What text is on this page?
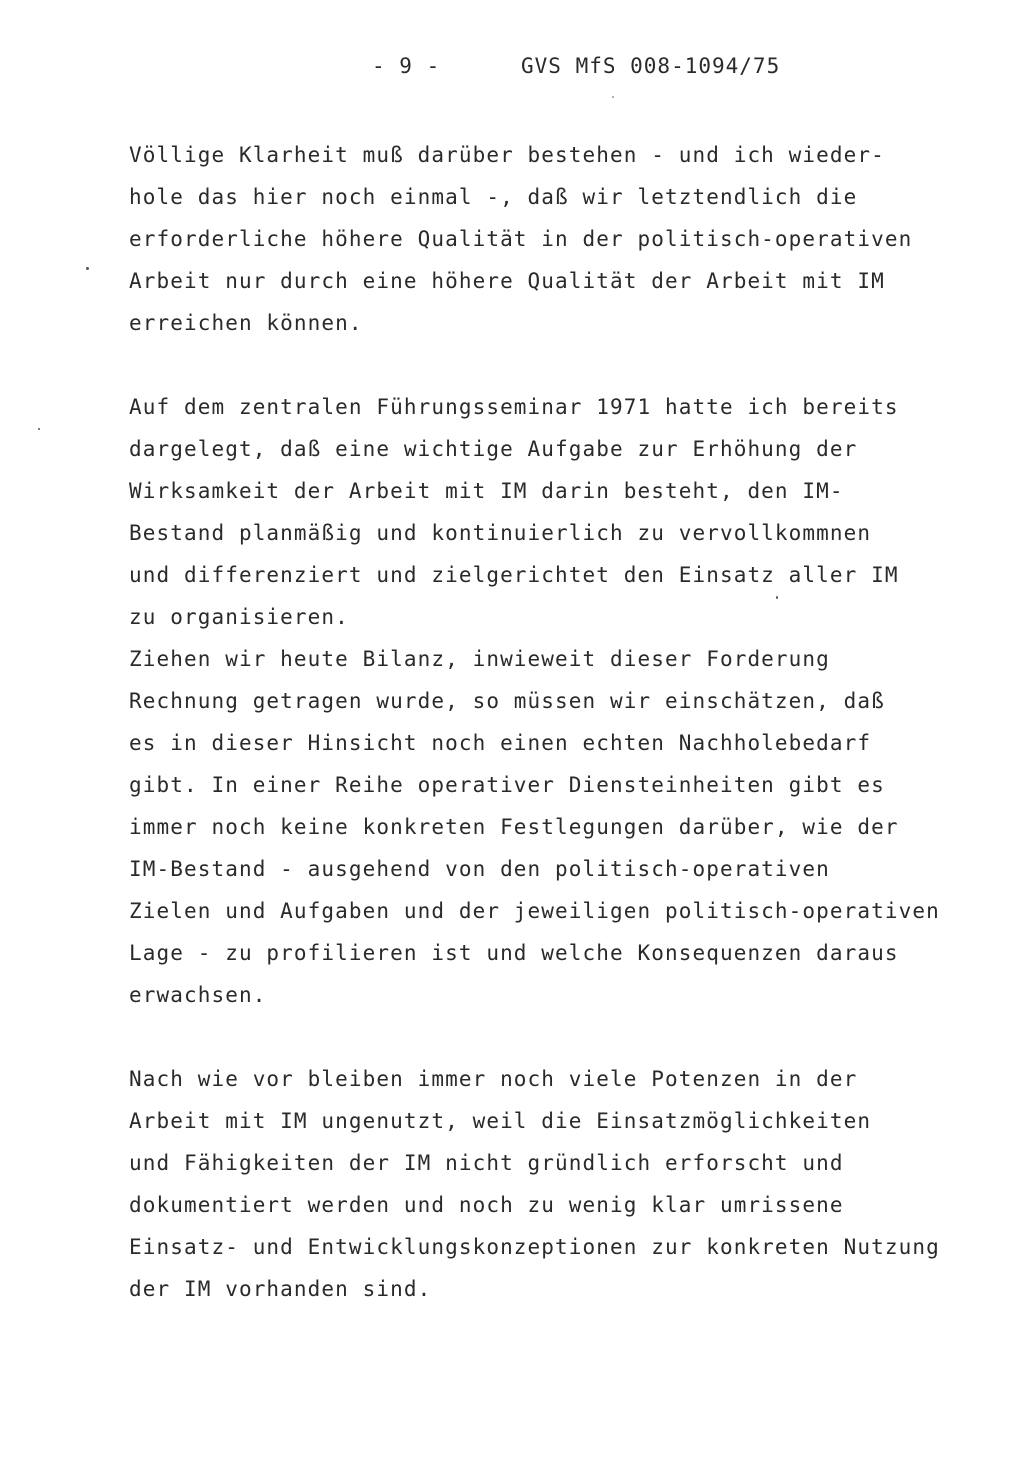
- 9 -	GVS MfS 008-1094/75
Völlige Klarheit muß darüber bestehen - und ich wieder-
hole das hier noch einmal -, daß wir letztendlich die
erforderliche höhere Qualität in der politisch-operativen
Arbeit nur durch eine höhere Qualität der Arbeit mit IM
erreichen können.
Auf dem zentralen Führungsseminar 1971 hatte ich bereits
dargelegt, daß eine wichtige Aufgabe zur Erhöhung der
Wirksamkeit der Arbeit mit IM darin besteht, den IM-
Bestand planmäßig und kontinuierlich zu vervollkommnen
und differenziert und zielgerichtet den Einsatz aller IM
zu organisieren.
Ziehen wir heute Bilanz, inwieweit dieser Forderung
Rechnung getragen wurde, so müssen wir einschätzen, daß
es in dieser Hinsicht noch einen echten Nachholebedarf
gibt. In einer Reihe operativer Diensteinheiten gibt es
immer noch keine konkreten Festlegungen darüber, wie der
IM-Bestand - ausgehend von den politisch-operativen
Zielen und Aufgaben und der jeweiligen politisch-operativen
Lage - zu profilieren ist und welche Konsequenzen daraus
erwachsen.
Nach wie vor bleiben immer noch viele Potenzen in der
Arbeit mit IM ungenutzt, weil die Einsatzmöglichkeiten
und Fähigkeiten der IM nicht gründlich erforscht und
dokumentiert werden und noch zu wenig klar umrissene
Einsatz- und Entwicklungskonzeptionen zur konkreten Nutzung
der IM vorhanden sind.
